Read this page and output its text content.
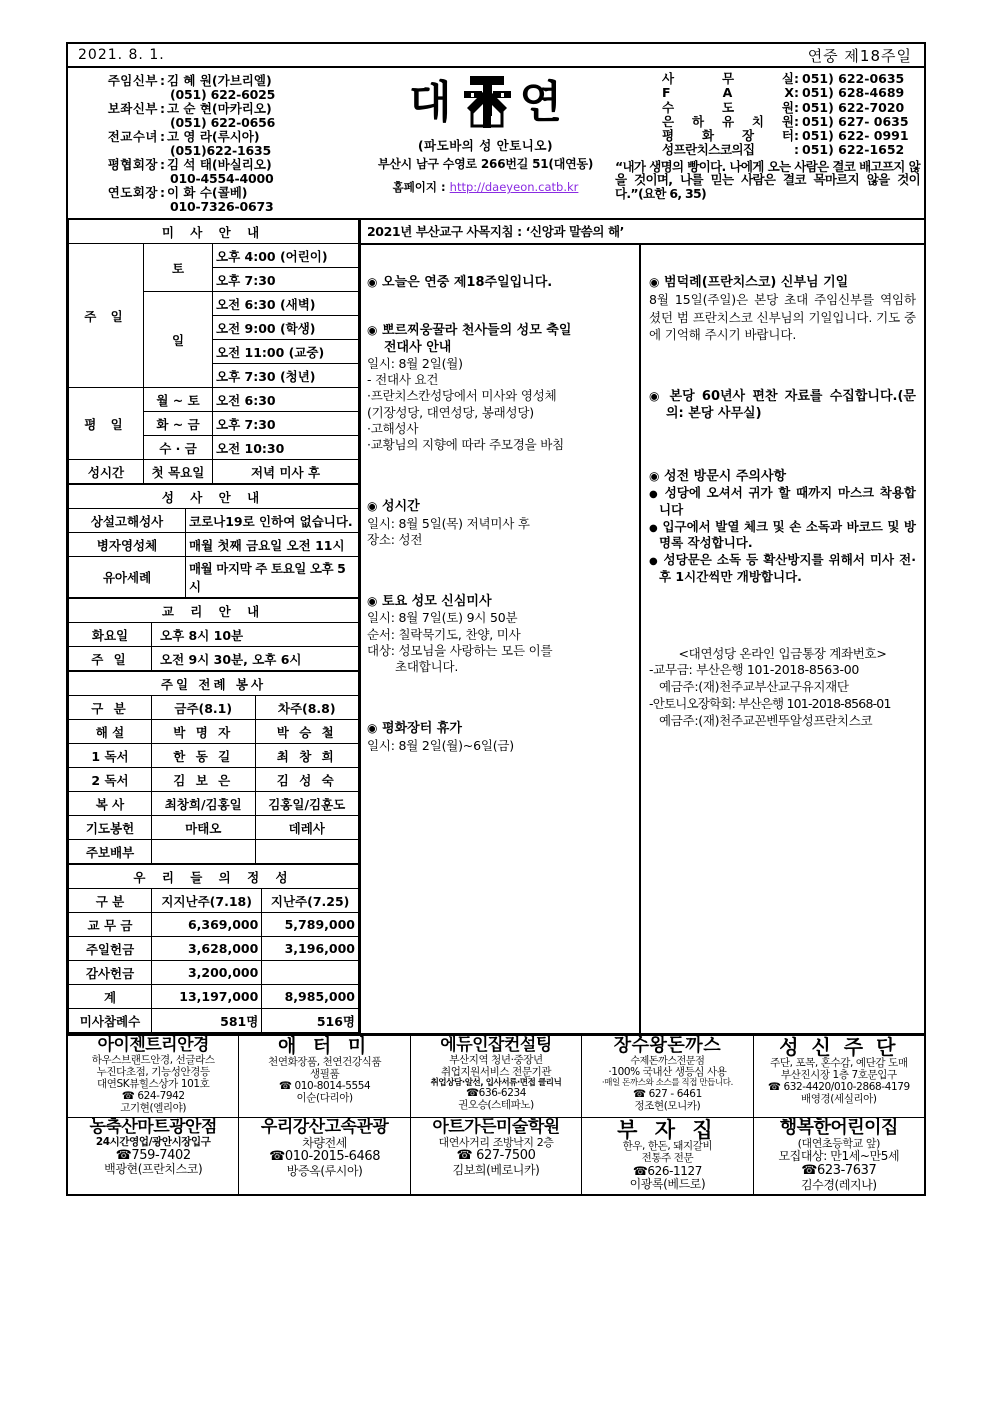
2021. 8. 1.	연중 제18주일
주임신부 : 김 혜 원(가브리엘)
(051) 622-6025
보좌신부 : 고 순 현(마카리오)
(051) 622-0656
전교수녀 : 고 영 라(루시아)
(051)622-1635
평협회장 : 김 석 태(바실리오)
010-4554-4000
연도회장 : 이 화 수(콜베)
010-7326-0673
대 연
(파도바의 성 안토니오)
부산시 남구 수영로 266번길 51(대연동)
홈페이지 : http://daeyeon.catb.kr
사 무 실 : 051) 622-0635
F A X : 051) 628-4689
수 도 원 : 051) 622-7020
은 하 유 치 원 : 051) 627- 0635
평 화 장 터 : 051) 622- 0991
성프란치스코의집	: 051) 622-1652
“내가 생명의 빵이다. 나에게 오는 사람은 결코 배고프지 않을 것이며, 나를 믿는 사람은 결코 목마르지 않을 것이다.”(요한 6, 35)
미 사 안 내		
주 일	토	오후 4:00 (어린이)
		오후 7:30
	일	오전 6:30 (새벽)
		오전 9:00 (학생)
		오전 11:00 (교중)
		오후 7:30 (청년)
평 일	월 ~ 토	오전 6:30
	화 ~ 금	오후 7:30
	수 · 금	오전 10:30
성시간	첫 목요일	저녁 미사 후
성 사 안 내	
상설고해성사	코로나19로 인하여 없습니다.
병자영성체	매월 첫째 금요일 오전 11시
유아세례	매월 마지막 주 토요일 오후 5시
교 리 안 내	
화요일	오후 8시 10분
주 일	오전 9시 30분, 오후 6시
주일 전례 봉사		
구 분	금주(8.1)	차주(8.8)
해 설	박 명 자	박 승 철
1 독서	한 동 길	최 창 희
2 독서	김 보 은	김 성 숙
복 사	최창희/김홍일	김홍일/김훈도
기도봉헌	마태오	데레사
주보배부		
우 리 들 의 정 성		
구 분	지지난주(7.18)	지난주(7.25)
교 무 금	6,369,000	5,789,000
주일헌금	3,628,000	3,196,000
감사헌금	3,200,000	
계	13,197,000	8,985,000
미사참례수	581명	516명
2021년 부산교구 사목지침 : ‘신앙과 말씀의 해’
◉ 오늘은 연중 제18주일입니다.
◉ 뽀르찌웅꿀라 천사들의 성모 축일
전대사 안내
일시: 8월 2일(월)
- 전대사 요건
·프란치스칸성당에서 미사와 영성체
(기장성당, 대연성당, 봉래성당)
·고해성사
·교황님의 지향에 따라 주모경을 바침
◉ 성시간
일시: 8월 5일(목) 저녁미사 후
장소: 성전
◉ 토요 성모 신심미사
일시: 8월 7일(토) 9시 50분
순서: 칠락묵기도, 찬양, 미사
대상: 성모님을 사랑하는 모든 이를
초대합니다.
◉ 평화장터 휴가
일시: 8월 2일(월)~6일(금)
◉ 범덕례(프란치스코) 신부님 기일
8월 15일(주일)은 본당 초대 주임신부를 역임하셨던 범 프란치스코 신부님의 기일입니다. 기도 중에 기억해 주시기 바랍니다.
◉ 본당 60년사 편찬 자료를 수집합니다.(문의: 본당 사무실)
◉ 성전 방문시 주의사항
● 성당에 오셔서 귀가 할 때까지 마스크 착용합니다
● 입구에서 발열 체크 및 손 소독과 바코드 및 방명록 작성합니다.
● 성당문은 소독 등 확산방지를 위해서 미사 전·후 1시간씩만 개방합니다.
<대연성당 온라인 입금통장 계좌번호>
-교무금: 부산은행 101-2018-8563-00
예금주:(재)천주교부산교구유지재단
-안토니오장학회: 부산은행 101-2018-8568-01
예금주:(재)천주교꼰벤뚜알성프란치스코
아이젠트리안경
하우스브랜드안경, 선글라스
누진다초점, 기능성안경등
대연SK뷰힐스상가 101호
☎ 624-7942
고기현(엘리야)
애 터 미
천연화장품, 천연건강식품
생필품
☎ 010-8014-5554
이순(다리아)
에듀인잡컨설팅
부산지역 청년·중장년
취업지원서비스 전문기관
취업상담·알선, 입사서류·면접 클리닉
☎636-6234
권오승(스테파노)
장수왕돈까스
수제돈까스전문점
·100% 국내산 생등심 사용
·매일 돈까스와 소스를 직접 만듭니다.
☎ 627 - 6461
정조현(모니카)
성 신 주 단
주단, 포목, 혼수감, 예단감 도매
부산진시장 1층 7호문입구
☎ 632-4420/010-2868-4179
배영경(세실리아)
농축산마트광안점
24시간영업/광안시장입구
☎759-7402
백광현(프란치스코)
우리강산고속관광
차량전세
☎010-2015-6468
방증옥(루시아)
아트가든미술학원
대연사거리 조방낙지 2층
☎ 627-7500
김보희(베로니카)
부 자 집
한우, 한돈, 돼지갈비
전통주 전문
☎626-1127
이광록(베드로)
행복한어린이집
(대연초등학교 앞)
모집대상: 만1세~만5세
☎623-7637
김수경(레지나)
